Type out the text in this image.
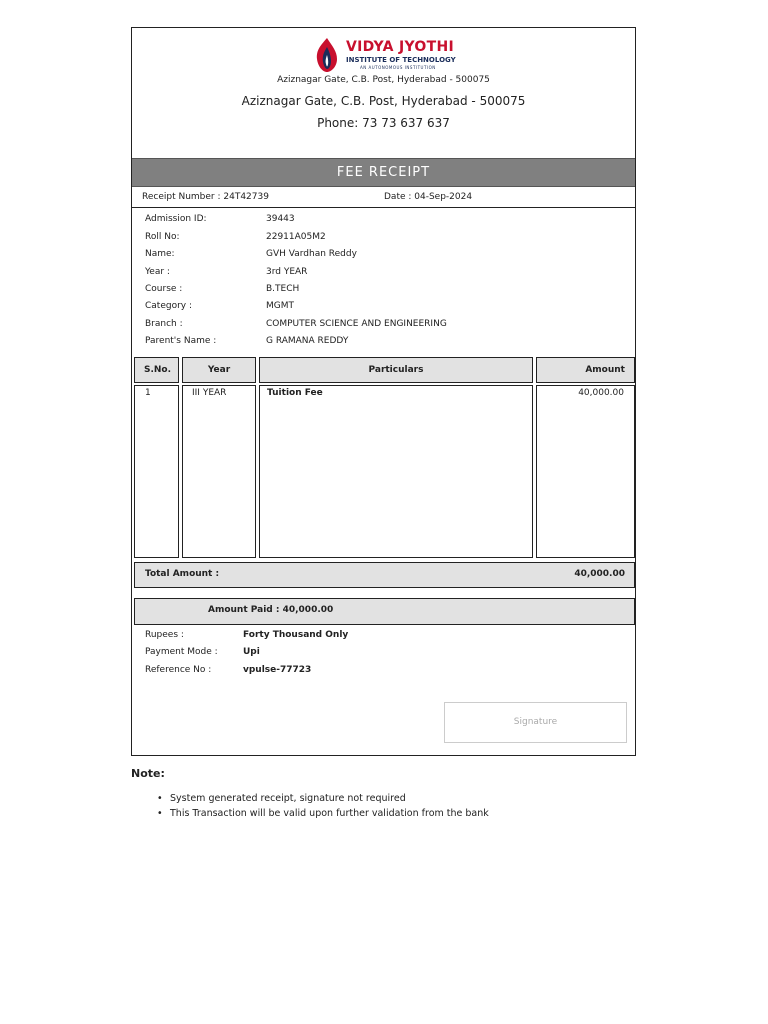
VIDYA JYOTHI
INSTITUTE OF TECHNOLOGY
AN AUTONOMOUS INSTITUTION
Aziznagar Gate, C.B. Post, Hyderabad - 500075
Aziznagar Gate, C.B. Post, Hyderabad - 500075
Phone: 73 73 637 637
FEE RECEIPT
Receipt Number : 24T42739	Date : 04-Sep-2024
Admission ID:	39443
Roll No:	22911A05M2
Name:	GVH Vardhan Reddy
Year :	3rd YEAR
Course :	B.TECH
Category :	MGMT
Branch :	COMPUTER SCIENCE AND ENGINEERING
Parent's Name :	G RAMANA REDDY
S.No.	Year	Particulars	Amount
1	III YEAR	Tuition Fee	40,000.00
Total Amount :	40,000.00
Amount Paid : 40,000.00
Rupees :	Forty Thousand Only
Payment Mode :	Upi
Reference No :	vpulse-77723
Signature
Note:
• System generated receipt, signature not required
• This Transaction will be valid upon further validation from the bank
